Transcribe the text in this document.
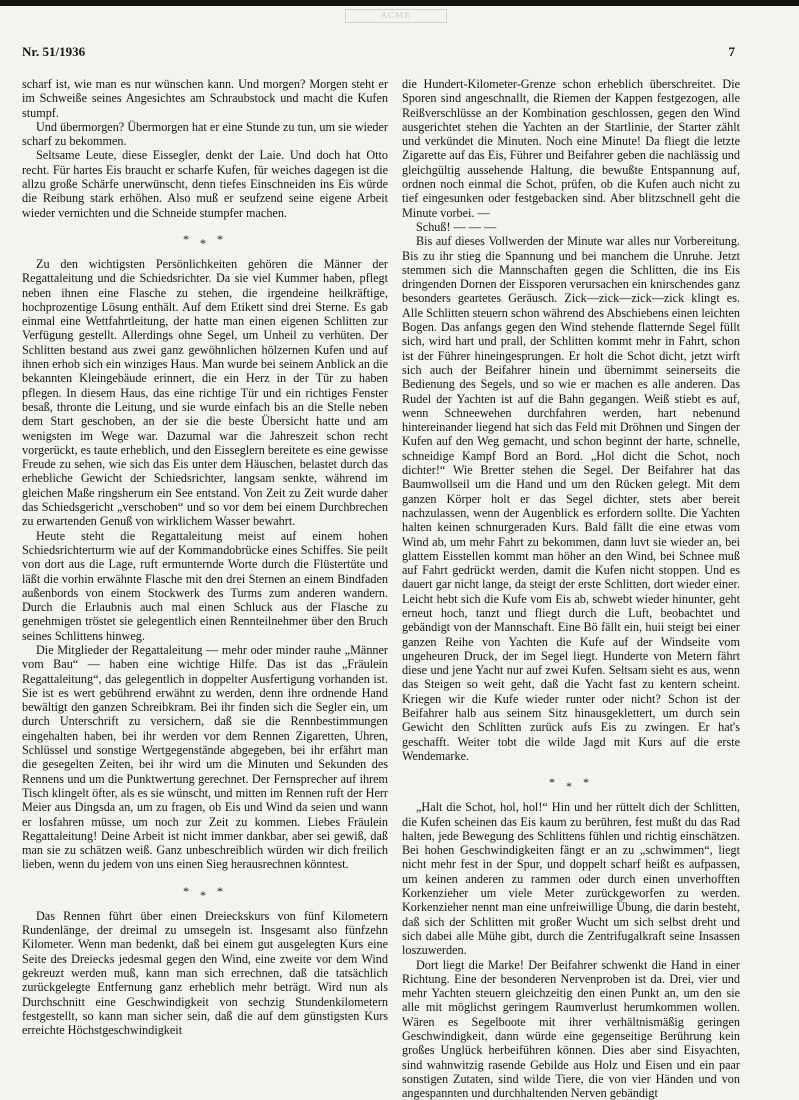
ACME
Nr. 51/1936	7

scharf ist, wie man es nur wünschen kann. Und morgen? Morgen steht er im Schweiße seines Angesichtes am Schraubstock und macht die Kufen stumpf.

Und übermorgen? Übermorgen hat er eine Stunde zu tun, um sie wieder scharf zu bekommen.

Seltsame Leute, diese Eissegler, denkt der Laie. Und doch hat Otto recht. Für hartes Eis braucht er scharfe Kufen, für weiches dagegen ist die allzu große Schärfe unerwünscht, denn tiefes Einschneiden ins Eis würde die Reibung stark erhöhen. Also muß er seufzend seine eigene Arbeit wieder vernichten und die Schneide stumpfer machen.

* * *

Zu den wichtigsten Persönlichkeiten gehören die Männer der Regattaleitung und die Schiedsrichter. Da sie viel Kummer haben, pflegt neben ihnen eine Flasche zu stehen, die irgendeine heilkräftige, hochprozentige Lösung enthält. Auf dem Etikett sind drei Sterne. Es gab einmal eine Wettfahrtleitung, der hatte man einen eigenen Schlitten zur Verfügung gestellt. Allerdings ohne Segel, um Unheil zu verhüten. Der Schlitten bestand aus zwei ganz gewöhnlichen hölzernen Kufen und auf ihnen erhob sich ein winziges Haus. Man wurde bei seinem Anblick an die bekannten Kleingebäude erinnert, die ein Herz in der Tür zu haben pflegen. In diesem Haus, das eine richtige Tür und ein richtiges Fenster besaß, thronte die Leitung, und sie wurde einfach bis an die Stelle neben dem Start geschoben, an der sie die beste Übersicht hatte und am wenigsten im Wege war. Dazumal war die Jahreszeit schon recht vorgerückt, es taute erheblich, und den Eisseglern bereitete es eine gewisse Freude zu sehen, wie sich das Eis unter dem Häuschen, belastet durch das erhebliche Gewicht der Schiedsrichter, langsam senkte, während im gleichen Maße ringsherum ein See entstand. Von Zeit zu Zeit wurde daher das Schiedsgericht „verschoben“ und so vor dem bei einem Durchbrechen zu erwartenden Genuß von wirklichem Wasser bewahrt.

Heute steht die Regattaleitung meist auf einem hohen Schiedsrichterturm wie auf der Kommandobrücke eines Schiffes. Sie peilt von dort aus die Lage, ruft ermunternde Worte durch die Flüstertüte und läßt die vorhin erwähnte Flasche mit den drei Sternen an einem Bindfaden außenbords von einem Stockwerk des Turms zum anderen wandern. Durch die Erlaubnis auch mal einen Schluck aus der Flasche zu genehmigen tröstet sie gelegentlich einen Rennteilnehmer über den Bruch seines Schlittens hinweg.

Die Mitglieder der Regattaleitung — mehr oder minder rauhe „Männer vom Bau“ — haben eine wichtige Hilfe. Das ist das „Fräulein Regattaleitung“, das gelegentlich in doppelter Ausfertigung vorhanden ist. Sie ist es wert gebührend erwähnt zu werden, denn ihre ordnende Hand bewältigt den ganzen Schreibkram. Bei ihr finden sich die Segler ein, um durch Unterschrift zu versichern, daß sie die Rennbestimmungen eingehalten haben, bei ihr werden vor dem Rennen Zigaretten, Uhren, Schlüssel und sonstige Wertgegenstände abgegeben, bei ihr erfährt man die gesegelten Zeiten, bei ihr wird um die Minuten und Sekunden des Rennens und um die Punktwertung gerechnet. Der Fernsprecher auf ihrem Tisch klingelt öfter, als es sie wünscht, und mitten im Rennen ruft der Herr Meier aus Dingsda an, um zu fragen, ob Eis und Wind da seien und wann er losfahren müsse, um noch zur Zeit zu kommen. Liebes Fräulein Regattaleitung! Deine Arbeit ist nicht immer dankbar, aber sei gewiß, daß man sie zu schätzen weiß. Ganz unbeschreiblich würden wir dich freilich lieben, wenn du jedem von uns einen Sieg herausrechnen könntest.

* * *

Das Rennen führt über einen Dreieckskurs von fünf Kilometern Rundenlänge, der dreimal zu umsegeln ist. Insgesamt also fünfzehn Kilometer. Wenn man bedenkt, daß bei einem gut ausgelegten Kurs eine Seite des Dreiecks jedesmal gegen den Wind, eine zweite vor dem Wind gekreuzt werden muß, kann man sich errechnen, daß die tatsächlich zurückgelegte Entfernung ganz erheblich mehr beträgt. Wird nun als Durchschnitt eine Geschwindigkeit von sechzig Stundenkilometern festgestellt, so kann man sicher sein, daß die auf dem günstigsten Kurs erreichte Höchstgeschwindigkeit

die Hundert-Kilometer-Grenze schon erheblich überschreitet. Die Sporen sind angeschnallt, die Riemen der Kappen festgezogen, alle Reißverschlüsse an der Kombination geschlossen, gegen den Wind ausgerichtet stehen die Yachten an der Startlinie, der Starter zählt und verkündet die Minuten. Noch eine Minute! Da fliegt die letzte Zigarette auf das Eis, Führer und Beifahrer geben die nachlässig und gleichgültig aussehende Haltung, die bewußte Entspannung auf, ordnen noch einmal die Schot, prüfen, ob die Kufen auch nicht zu tief eingesunken oder festgebacken sind. Aber blitzschnell geht die Minute vorbei. —

Schuß! — — —

Bis auf dieses Vollwerden der Minute war alles nur Vorbereitung. Bis zu ihr stieg die Spannung und bei manchem die Unruhe. Jetzt stemmen sich die Mannschaften gegen die Schlitten, die ins Eis dringenden Dornen der Eissporen verursachen ein knirschendes ganz besonders geartetes Geräusch. Zick—zick—zick—zick klingt es. Alle Schlitten steuern schon während des Abschiebens einen leichten Bogen. Das anfangs gegen den Wind stehende flatternde Segel füllt sich, wird hart und prall, der Schlitten kommt mehr in Fahrt, schon ist der Führer hineingesprungen. Er holt die Schot dicht, jetzt wirft sich auch der Beifahrer hinein und übernimmt seinerseits die Bedienung des Segels, und so wie er machen es alle anderen. Das Rudel der Yachten ist auf die Bahn gegangen. Weiß stiebt es auf, wenn Schneewehen durchfahren werden, hart nebenund hintereinander liegend hat sich das Feld mit Dröhnen und Singen der Kufen auf den Weg gemacht, und schon beginnt der harte, schnelle, schneidige Kampf Bord an Bord. „Hol dicht die Schot, noch dichter!“ Wie Bretter stehen die Segel. Der Beifahrer hat das Baumwollseil um die Hand und um den Rücken gelegt. Mit dem ganzen Körper holt er das Segel dichter, stets aber bereit nachzulassen, wenn der Augenblick es erfordern sollte. Die Yachten halten keinen schnurgeraden Kurs. Bald fällt die eine etwas vom Wind ab, um mehr Fahrt zu bekommen, dann luvt sie wieder an, bei glattem Eisstellen kommt man höher an den Wind, bei Schnee muß auf Fahrt gedrückt werden, damit die Kufen nicht stoppen. Und es dauert gar nicht lange, da steigt der erste Schlitten, dort wieder einer. Leicht hebt sich die Kufe vom Eis ab, schwebt wieder hinunter, geht erneut hoch, tanzt und fliegt durch die Luft, beobachtet und gebändigt von der Mannschaft. Eine Bö fällt ein, huii steigt bei einer ganzen Reihe von Yachten die Kufe auf der Windseite vom ungeheuren Druck, der im Segel liegt. Hunderte von Metern fährt diese und jene Yacht nur auf zwei Kufen. Seltsam sieht es aus, wenn das Steigen so weit geht, daß die Yacht fast zu kentern scheint. Kriegen wir die Kufe wieder runter oder nicht? Schon ist der Beifahrer halb aus seinem Sitz hinausgeklettert, um durch sein Gewicht den Schlitten zurück aufs Eis zu zwingen. Er hat's geschafft. Weiter tobt die wilde Jagd mit Kurs auf die erste Wendemarke.

* * *

„Halt die Schot, hol, hol!“ Hin und her rüttelt dich der Schlitten, die Kufen scheinen das Eis kaum zu berühren, fest mußt du das Rad halten, jede Bewegung des Schlittens fühlen und richtig einschätzen. Bei hohen Geschwindigkeiten fängt er an zu „schwimmen“, liegt nicht mehr fest in der Spur, und doppelt scharf heißt es aufpassen, um keinen anderen zu rammen oder durch einen unverhofften Korkenzieher um viele Meter zurückgeworfen zu werden. Korkenzieher nennt man eine unfreiwillige Übung, die darin besteht, daß sich der Schlitten mit großer Wucht um sich selbst dreht und sich dabei alle Mühe gibt, durch die Zentrifugalkraft seine Insassen loszuwerden.

Dort liegt die Marke! Der Beifahrer schwenkt die Hand in einer Richtung. Eine der besonderen Nervenproben ist da. Drei, vier und mehr Yachten steuern gleichzeitig den einen Punkt an, um den sie alle mit möglichst geringem Raumverlust herumkommen wollen. Wären es Segelboote mit ihrer verhältnismäßig geringen Geschwindigkeit, dann würde eine gegenseitige Berührung kein großes Unglück herbeiführen können. Dies aber sind Eisyachten, sind wahnwitzig rasende Gebilde aus Holz und Eisen und ein paar sonstigen Zutaten, sind wilde Tiere, die von vier Händen und von angespannten und durchhaltenden Nerven gebändigt
